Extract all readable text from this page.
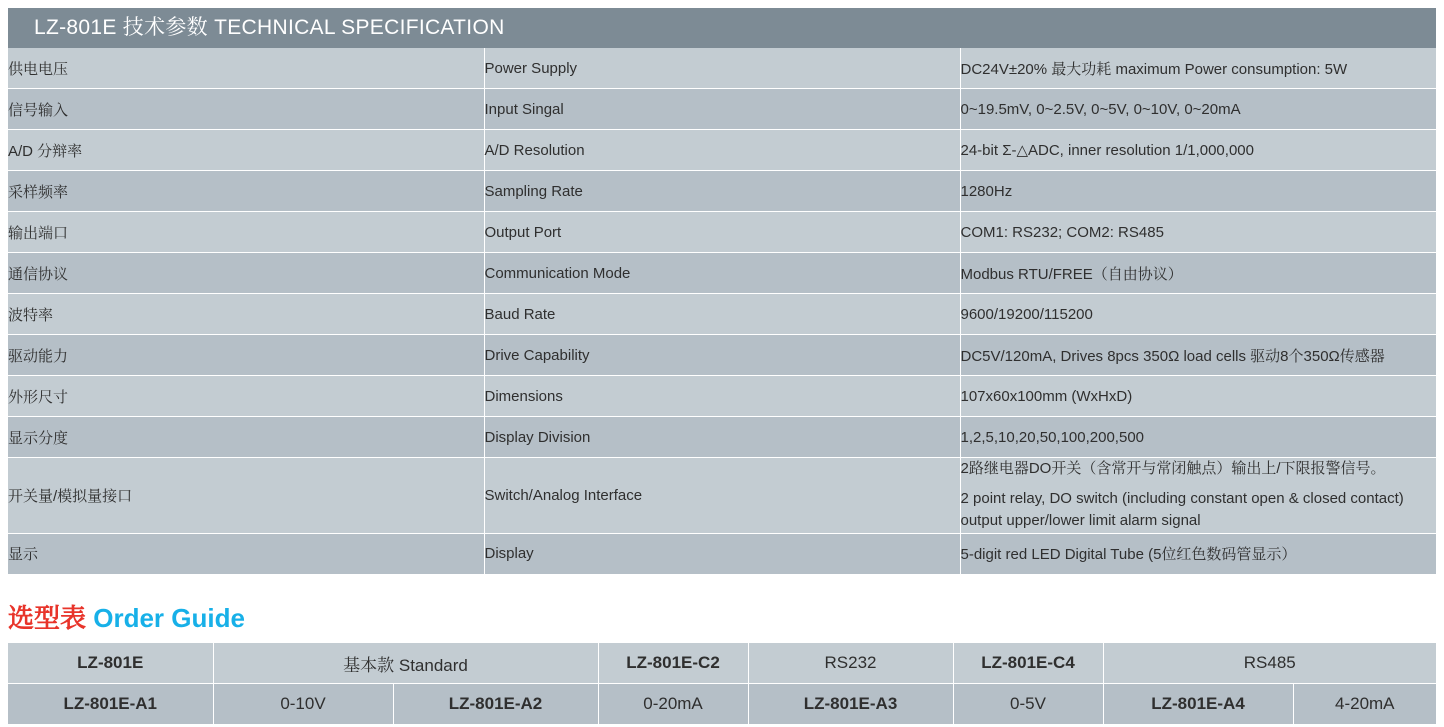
LZ-801E 技术参数 TECHNICAL SPECIFICATION		
供电电压	Power Supply	DC24V±20% 最大功耗 maximum Power consumption: 5W
信号输入	Input Singal	0~19.5mV, 0~2.5V, 0~5V, 0~10V, 0~20mA
A/D 分辩率	A/D Resolution	24-bit Σ-△ADC, inner resolution 1/1,000,000
采样频率	Sampling Rate	1280Hz
输出端口	Output Port	COM1: RS232; COM2: RS485
通信协议	Communication Mode	Modbus RTU/FREE（自由协议）
波特率	Baud Rate	9600/19200/115200
驱动能力	Drive Capability	DC5V/120mA, Drives 8pcs 350Ω load cells 驱动8个350Ω传感器
外形尺寸	Dimensions	107x60x100mm (WxHxD)
显示分度	Display Division	1,2,5,10,20,50,100,200,500
开关量/模拟量接口	Switch/Analog Interface	2路继电器DO开关（含常开与常闭触点）输出上/下限报警信号。
2 point relay, DO switch (including constant open & closed contact) output upper/lower limit alarm signal

显示	Display	5-digit red LED Digital Tube (5位红色数码管显示）
选型表 Order Guide
LZ-801E	基本款 Standard		LZ-801E-C2	RS232	LZ-801E-C4	RS485	
LZ-801E-A1	0-10V	LZ-801E-A2	0-20mA	LZ-801E-A3	0-5V	LZ-801E-A4	4-20mA
